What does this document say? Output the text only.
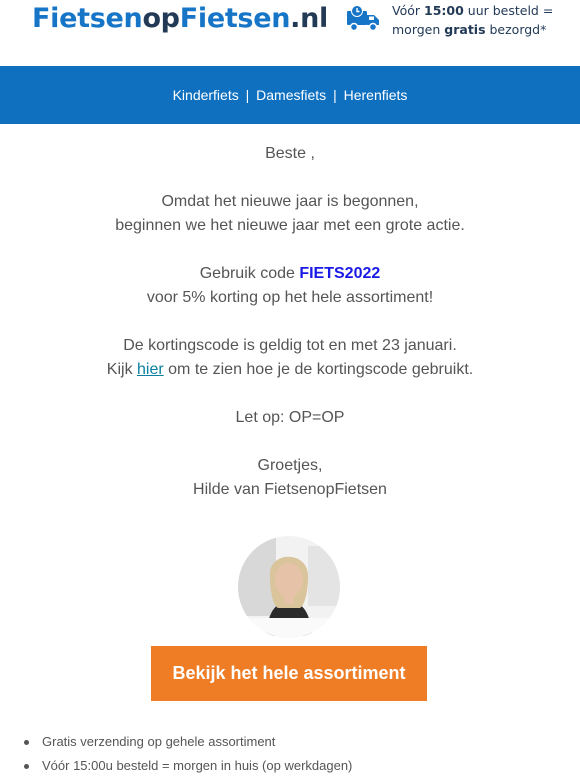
FietsenopFietsen.nl	Vóór 15:00 uur besteld =
morgen gratis bezorgd*
Kinderfiets | Damesfiets | Herenfiets

Beste ,

Omdat het nieuwe jaar is begonnen,

beginnen we het nieuwe jaar met een grote actie.

Gebruik code FIETS2022

voor 5% korting op het hele assortiment!

De kortingscode is geldig tot en met 23 januari.

Kijk hier om te zien hoe je de kortingscode gebruikt.

Let op: OP=OP

Groetjes,

Hilde van FietsenopFietsen

Bekijk het hele assortiment
Gratis verzending op gehele assortiment
Vóór 15:00u besteld = morgen in huis (op werkdagen)
